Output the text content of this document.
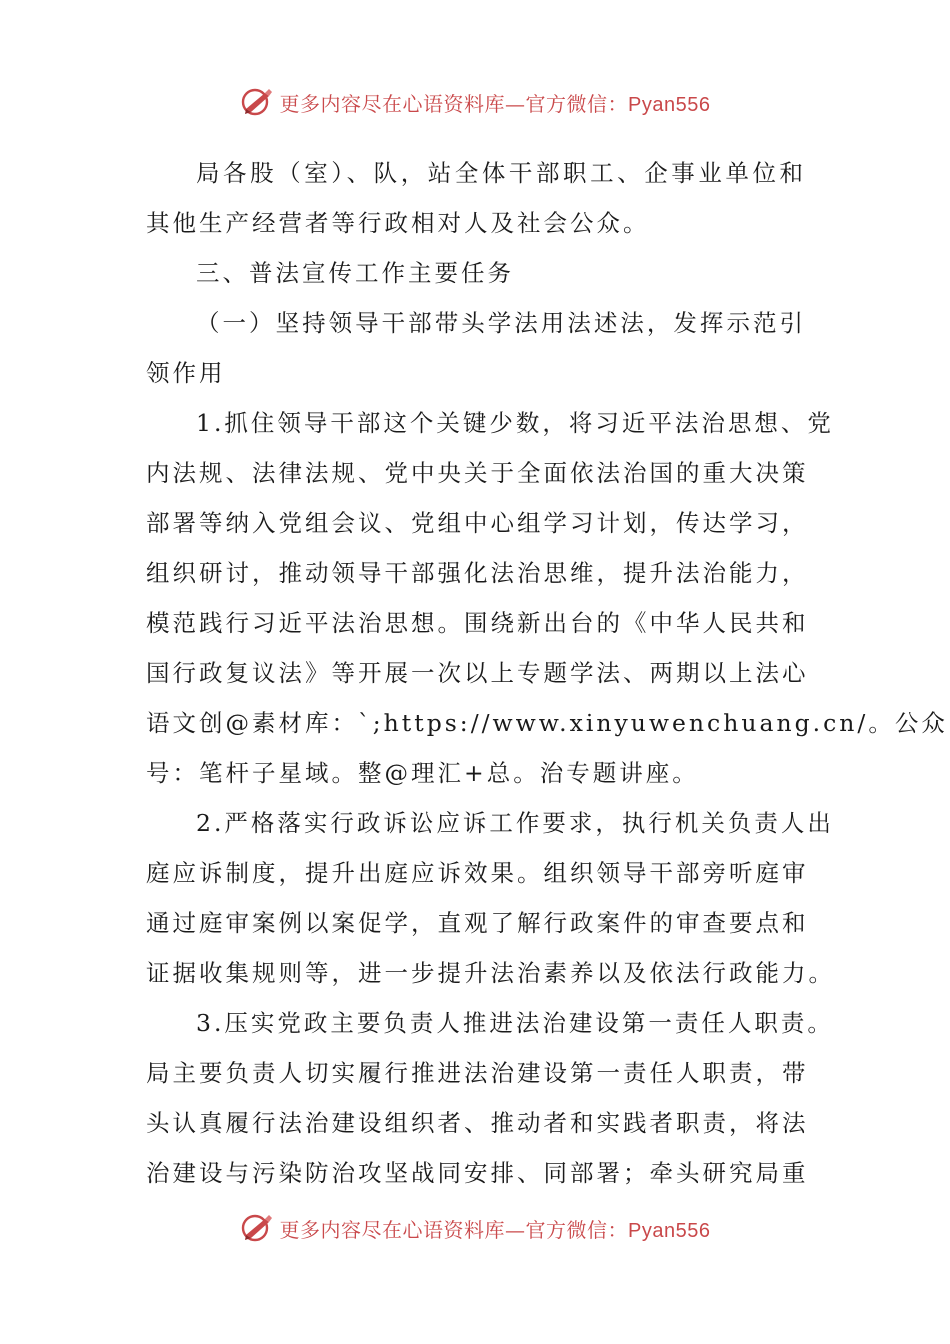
更多内容尽在心语资料库—官方微信：Pyan556
局各股（室）、队，站全体干部职工、企事业单位和
其他生产经营者等行政相对人及社会公众。
三、普法宣传工作主要任务
（一）坚持领导干部带头学法用法述法，发挥示范引
领作用
1.抓住领导干部这个关键少数，将习近平法治思想、党
内法规、法律法规、党中央关于全面依法治国的重大决策
部署等纳入党组会议、党组中心组学习计划，传达学习，
组织研讨，推动领导干部强化法治思维，提升法治能力，
模范践行习近平法治思想。围绕新出台的《中华人民共和
国行政复议法》等开展一次以上专题学法、两期以上法心
语文创@素材库：`;https://www.xinyuwenchuang.cn/。公众
号：笔杆子星域。整@理汇+总。治专题讲座。
2.严格落实行政诉讼应诉工作要求，执行机关负责人出
庭应诉制度，提升出庭应诉效果。组织领导干部旁听庭审
通过庭审案例以案促学，直观了解行政案件的审查要点和
证据收集规则等，进一步提升法治素养以及依法行政能力。
3.压实党政主要负责人推进法治建设第一责任人职责。
局主要负责人切实履行推进法治建设第一责任人职责，带
头认真履行法治建设组织者、推动者和实践者职责，将法
治建设与污染防治攻坚战同安排、同部署；牵头研究局重
更多内容尽在心语资料库—官方微信：Pyan556
